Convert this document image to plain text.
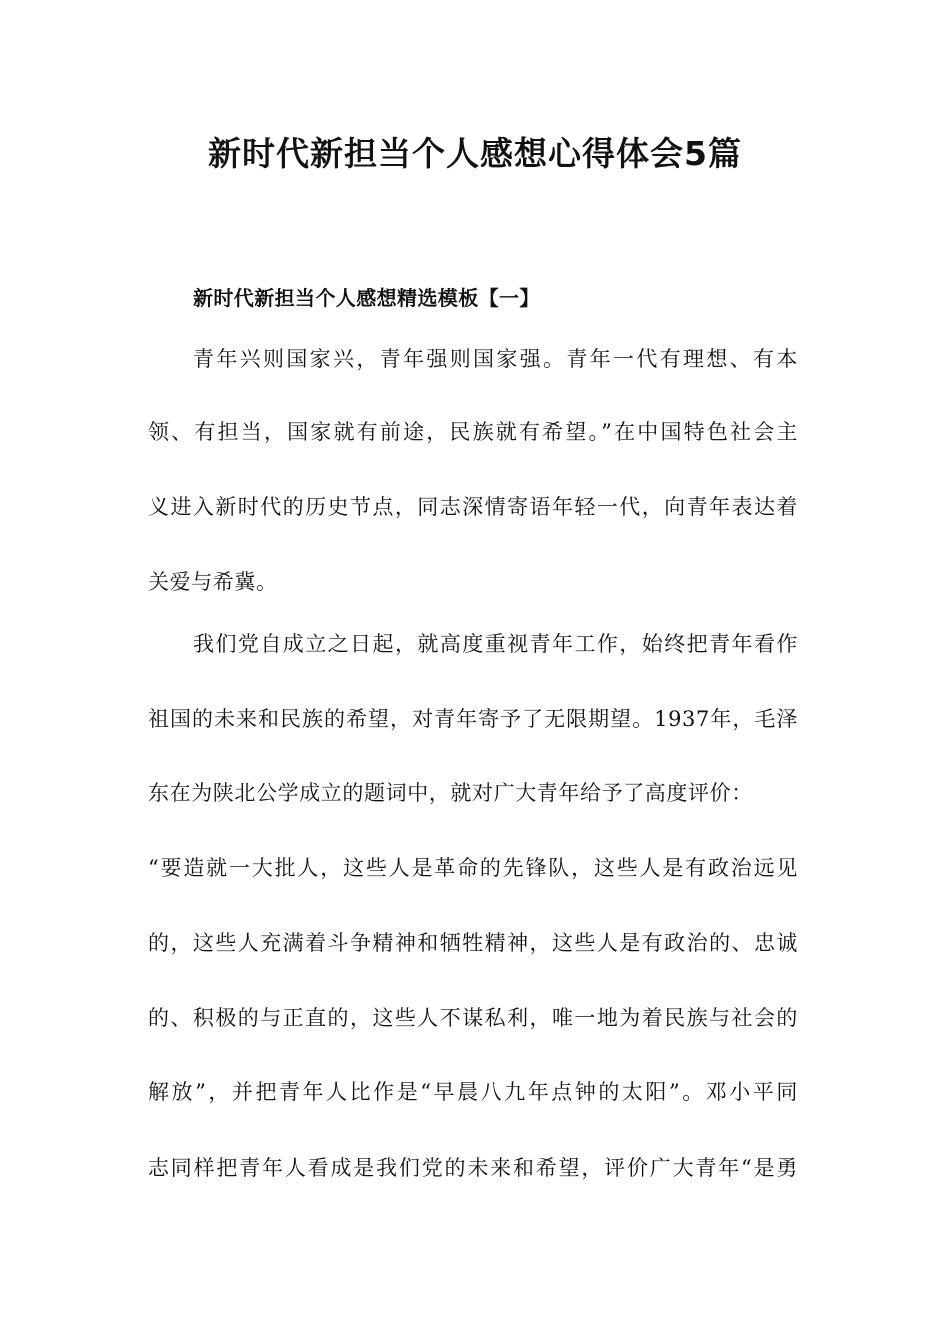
新时代新担当个人感想心得体会5篇
新时代新担当个人感想精选模板【一】
青年兴则国家兴，青年强则国家强。青年一代有理想、有本
领、有担当，国家就有前途，民族就有希望。”在中国特色社会主
义进入新时代的历史节点，同志深情寄语年轻一代，向青年表达着
关爱与希冀。
我们党自成立之日起，就高度重视青年工作，始终把青年看作
祖国的未来和民族的希望，对青年寄予了无限期望。1937年，毛泽
东在为陕北公学成立的题词中，就对广大青年给予了高度评价：
“要造就一大批人，这些人是革命的先锋队，这些人是有政治远见
的，这些人充满着斗争精神和牺牲精神，这些人是有政治的、忠诚
的、积极的与正直的，这些人不谋私利，唯一地为着民族与社会的
解放”，并把青年人比作是“早晨八九年点钟的太阳”。邓小平同
志同样把青年人看成是我们党的未来和希望，评价广大青年“是勇
